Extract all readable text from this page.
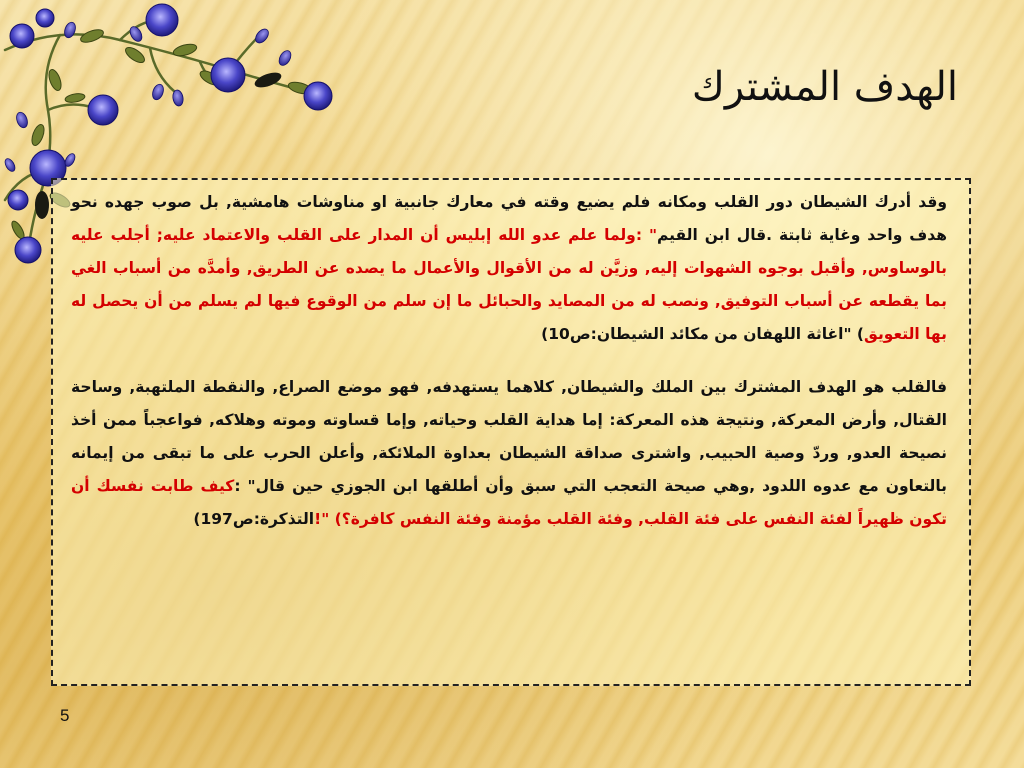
الهدف المشترك

وقد أدرك الشيطان دور القلب ومكانه فلم يضيع وقته في معارك جانبية او مناوشات هامشية, بل صوب جهده نحو هدف واحد وغاية ثابتة .قال ابن القيم" :ولما علم عدو الله إبليس أن المدار على القلب والاعتماد عليه; أجلب عليه بالوساوس, وأقبل بوجوه الشهوات إليه, وزيَّن له من الأقوال والأعمال ما يصده عن الطريق, وأمدَّه من أسباب الغي بما يقطعه عن أسباب التوفيق, ونصب له من المصايد والحبائل ما إن سلم من الوقوع فيها لم يسلم من أن يحصل له بها التعويق) "اغاثة اللهفان من مكائد الشيطان:ص10)

فالقلب هو الهدف المشترك بين الملك والشيطان, كلاهما يستهدفه, فهو موضع الصراع, والنقطة الملتهبة, وساحة القتال, وأرض المعركة, ونتيجة هذه المعركة: إما هداية القلب وحياته, وإما قساوته وموته وهلاكه, فواعجباً ممن أخذ نصيحة العدو, وردّ وصية الحبيب, واشترى صداقة الشيطان بعداوة الملائكة, وأعلن الحرب على ما تبقى من إيمانه بالتعاون مع عدوه اللدود ,وهي صيحة التعجب التي سبق وأن أطلقها ابن الجوزي حين قال" :كيف طابت نفسك أن تكون ظهيراً لفئة النفس على فئة القلب, وفئة القلب مؤمنة وفئة النفس كافرة؟) "!التذكرة:ص197)

5
